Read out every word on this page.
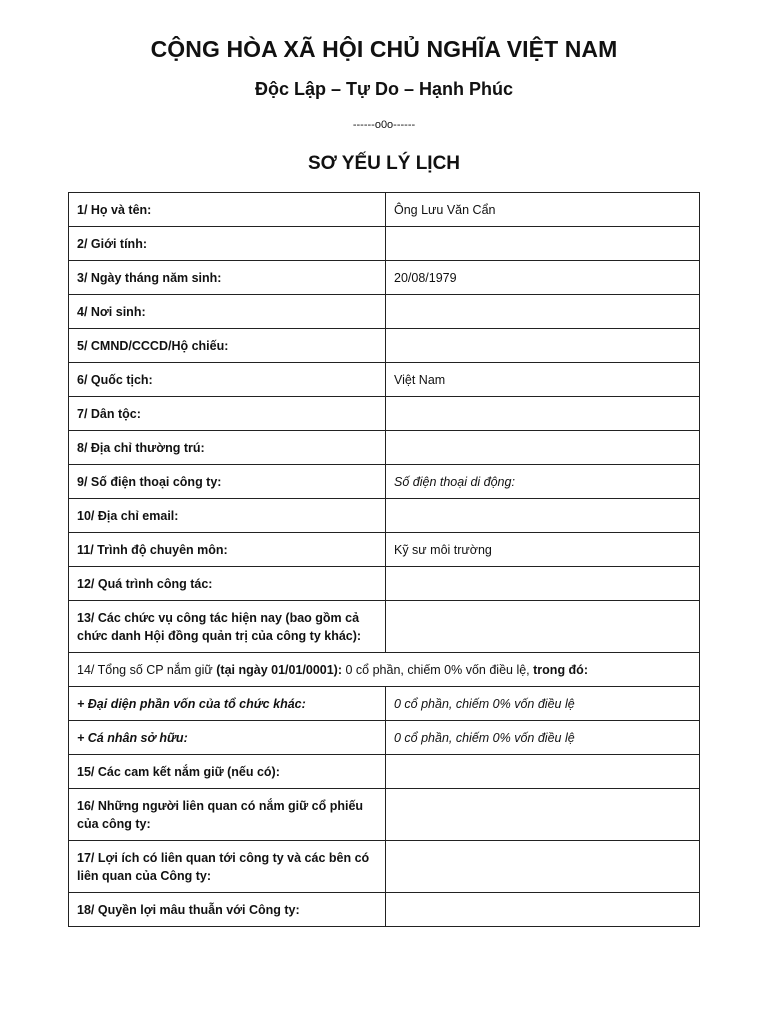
CỘNG HÒA XÃ HỘI CHỦ NGHĨA VIỆT NAM
Độc Lập – Tự Do – Hạnh Phúc
------o0o------
SƠ YẾU LÝ LỊCH
1/ Họ và tên:	Ông Lưu Văn Cẩn
2/ Giới tính:	
3/ Ngày tháng năm sinh:	20/08/1979
4/ Nơi sinh:	
5/ CMND/CCCD/Hộ chiếu:	
6/ Quốc tịch:	Việt Nam
7/ Dân tộc:	
8/ Địa chỉ thường trú:	
9/ Số điện thoại công ty:	Số điện thoại di động:
10/ Địa chỉ email:	
11/ Trình độ chuyên môn:	Kỹ sư môi trường
12/ Quá trình công tác:	
13/ Các chức vụ công tác hiện nay (bao gồm cả chức danh Hội đồng quản trị của công ty khác):	
14/ Tổng số CP nắm giữ (tại ngày 01/01/0001): 0 cổ phần, chiếm 0% vốn điều lệ, trong đó:	
+ Đại diện phần vốn của tổ chức khác:	0 cổ phần, chiếm 0% vốn điều lệ
+ Cá nhân sở hữu:	0 cổ phần, chiếm 0% vốn điều lệ
15/ Các cam kết nắm giữ (nếu có):	
16/ Những người liên quan có nắm giữ cổ phiếu của công ty:	
17/ Lợi ích có liên quan tới công ty và các bên có liên quan của Công ty:	
18/ Quyền lợi mâu thuẫn với Công ty:	
